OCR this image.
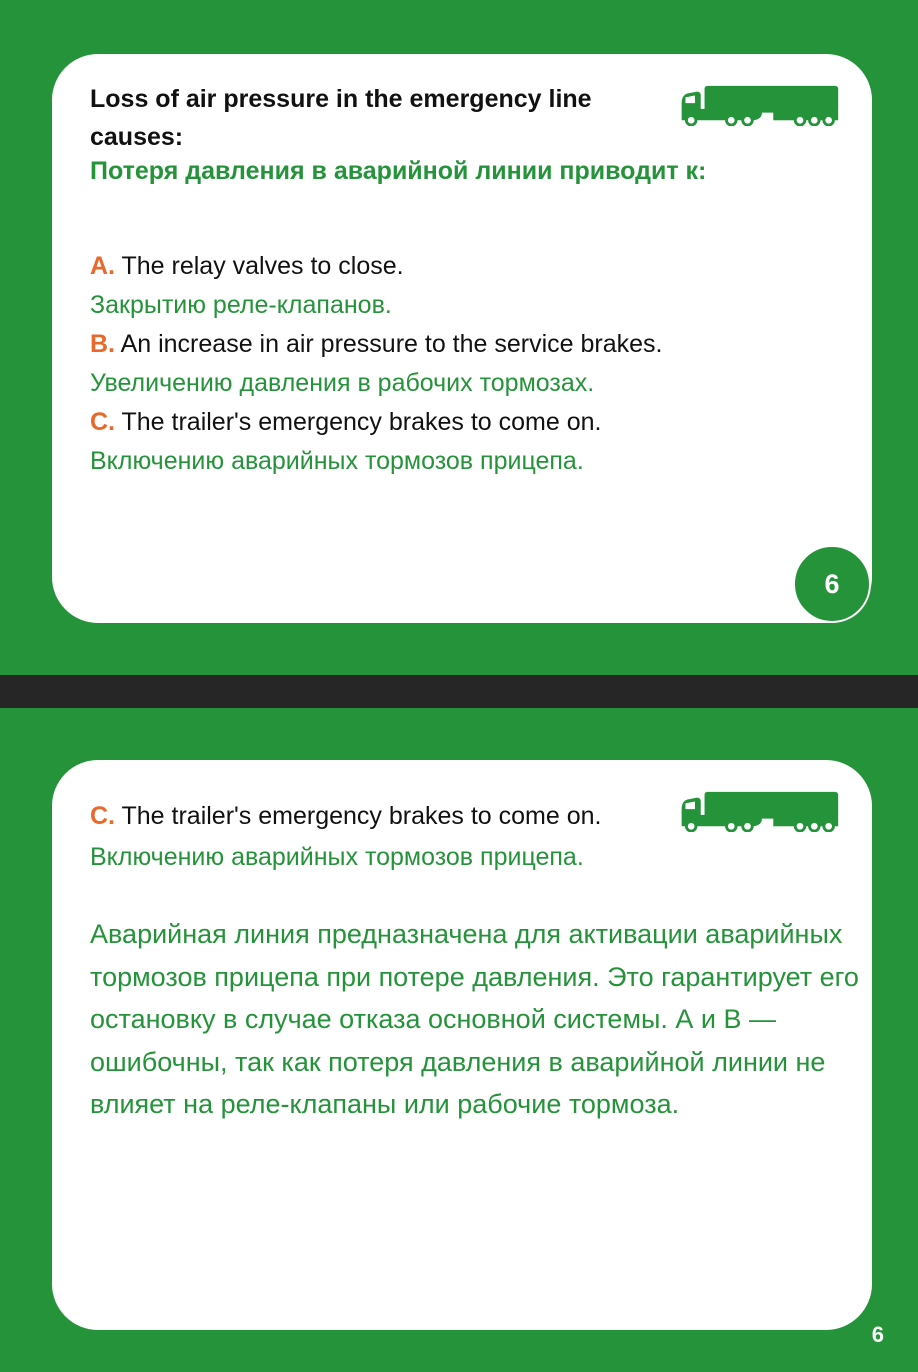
Loss of air pressure in the emergency line causes:
Потеря давления в аварийной линии приводит к:
A. The relay valves to close.
Закрытию реле-клапанов.
B. An increase in air pressure to the service brakes.
Увеличению давления в рабочих тормозах.
C. The trailer's emergency brakes to come on.
Включению аварийных тормозов прицепа.
6
C. The trailer's emergency brakes to come on.
Включению аварийных тормозов прицепа.
Аварийная линия предназначена для активации аварийных тормозов прицепа при потере давления. Это гарантирует его остановку в случае отказа основной системы. А и В — ошибочны, так как потеря давления в аварийной линии не влияет на реле-клапаны или рабочие тормоза.
6
